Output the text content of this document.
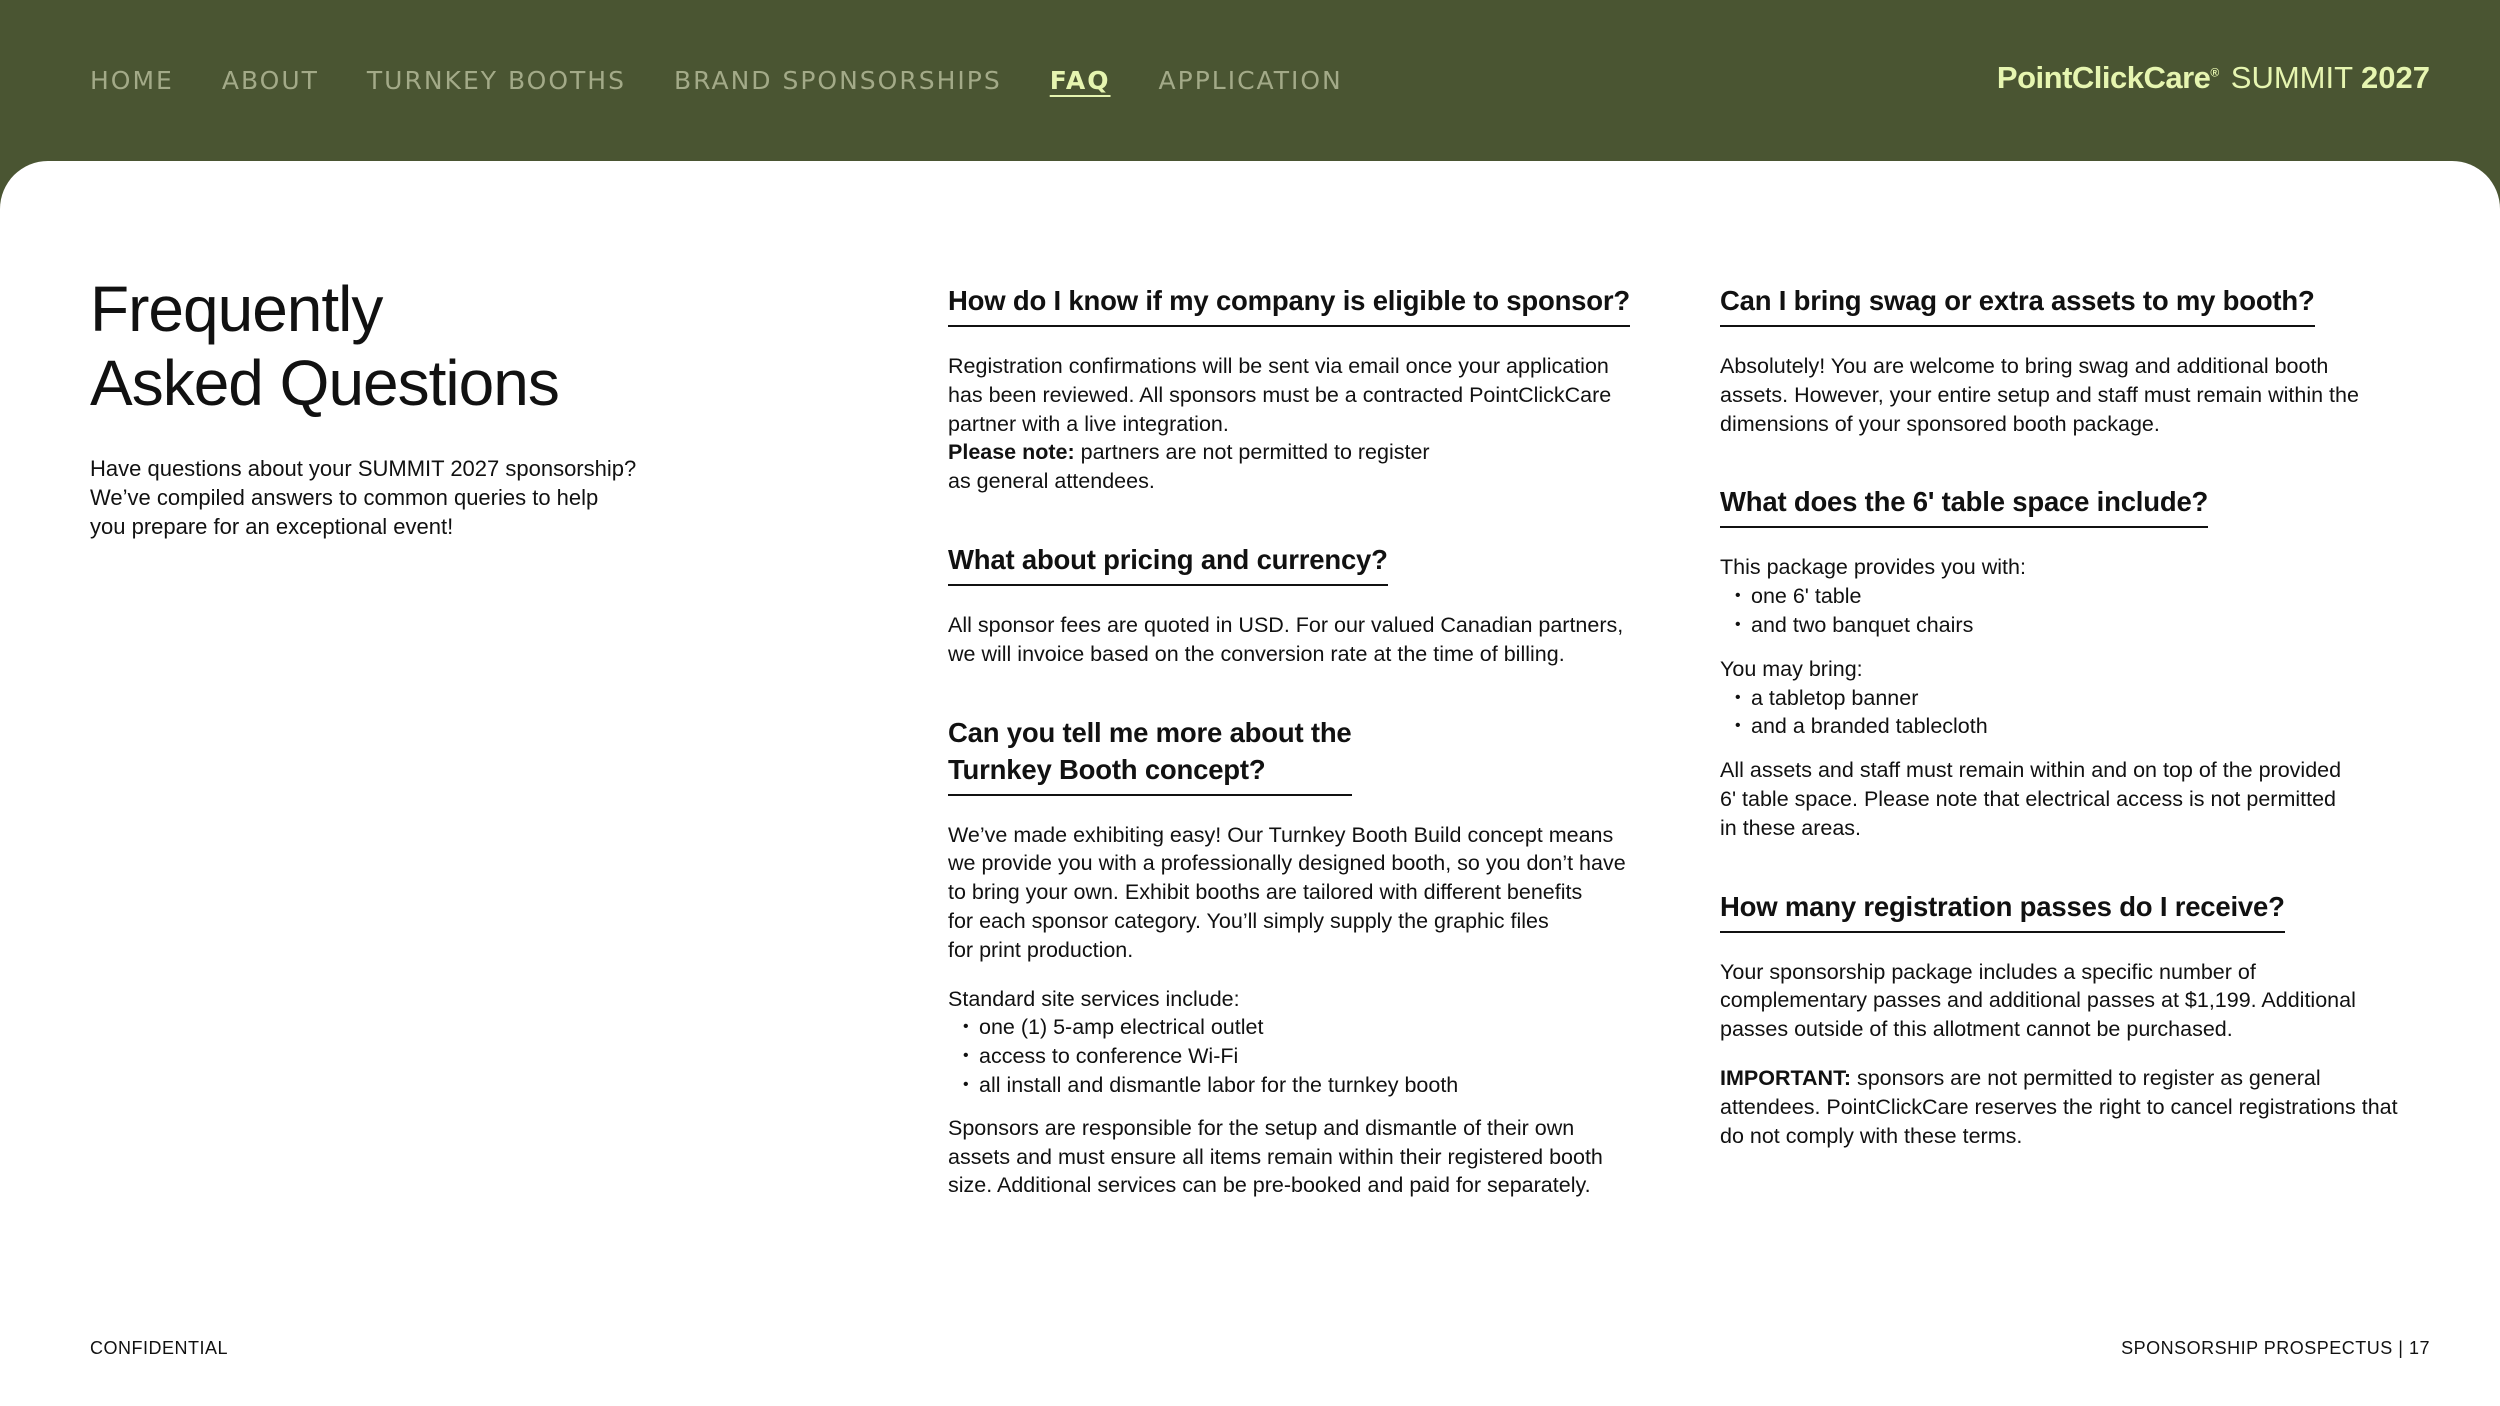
HOME ABOUT TURNKEY BOOTHS BRAND SPONSORSHIPS FAQ APPLICATION	PointClickCare® SUMMIT 2027
Frequently
Asked Questions

Have questions about your SUMMIT 2027 sponsorship?
We’ve compiled answers to common queries to help
you prepare for an exceptional event!

How do I know if my company is eligible to sponsor?

Registration confirmations will be sent via email once your application
has been reviewed. All sponsors must be a contracted PointClickCare
partner with a live integration.
Please note: partners are not permitted to register
as general attendees.

What about pricing and currency?

All sponsor fees are quoted in USD. For our valued Canadian partners,
we will invoice based on the conversion rate at the time of billing.

Can you tell me more about the
Turnkey Booth concept?

We’ve made exhibiting easy! Our Turnkey Booth Build concept means
we provide you with a professionally designed booth, so you don’t have
to bring your own. Exhibit booths are tailored with different benefits
for each sponsor category. You’ll simply supply the graphic files
for print production.

Standard site services include:

• one (1) 5-amp electrical outlet
• access to conference Wi-Fi
• all install and dismantle labor for the turnkey booth

Sponsors are responsible for the setup and dismantle of their own
assets and must ensure all items remain within their registered booth
size. Additional services can be pre-booked and paid for separately.

Can I bring swag or extra assets to my booth?

Absolutely! You are welcome to bring swag and additional booth
assets. However, your entire setup and staff must remain within the
dimensions of your sponsored booth package.

What does the 6' table space include?

This package provides you with:

• one 6' table
• and two banquet chairs

You may bring:

• a tabletop banner
• and a branded tablecloth

All assets and staff must remain within and on top of the provided
6' table space. Please note that electrical access is not permitted
in these areas.

How many registration passes do I receive?

Your sponsorship package includes a specific number of
complementary passes and additional passes at $1,199. Additional
passes outside of this allotment cannot be purchased.

IMPORTANT: sponsors are not permitted to register as general
attendees. PointClickCare reserves the right to cancel registrations that
do not comply with these terms.

CONFIDENTIAL	SPONSORSHIP PROSPECTUS | 17
